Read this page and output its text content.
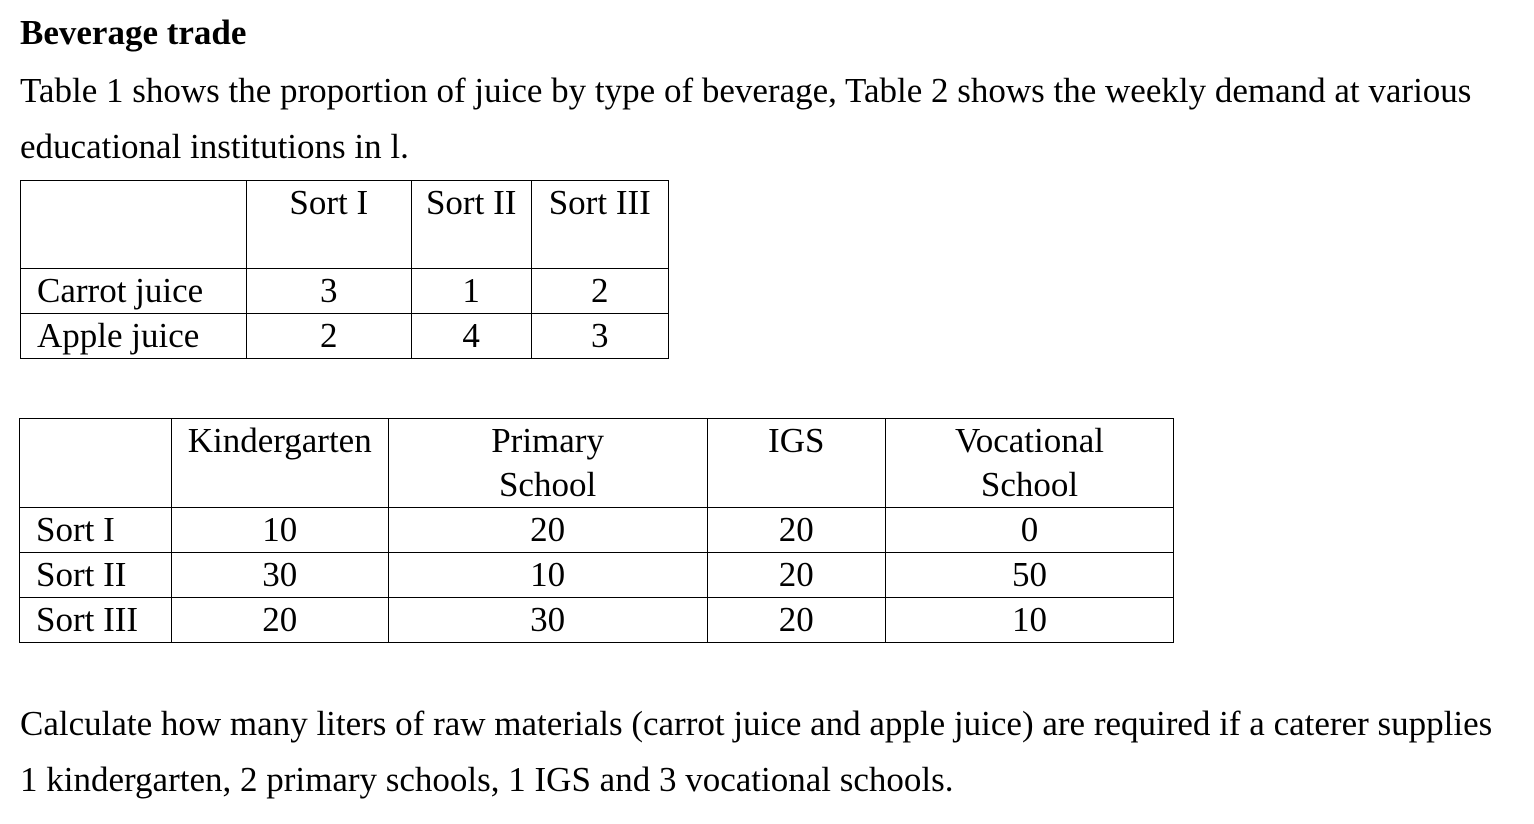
Beverage trade

Table 1 shows the proportion of juice by type of beverage, Table 2 shows the weekly demand at various educational institutions in l.

	Sort I	Sort II	Sort III
Carrot juice	3	1	2
Apple juice	2	4	3
	Kindergarten	Primary School	IGS	Vocational School
Sort I	10	20	20	0
Sort II	30	10	20	50
Sort III	20	30	20	10

Calculate how many liters of raw materials (carrot juice and apple juice) are required if a caterer supplies 1 kindergarten, 2 primary schools, 1 IGS and 3 vocational schools.
